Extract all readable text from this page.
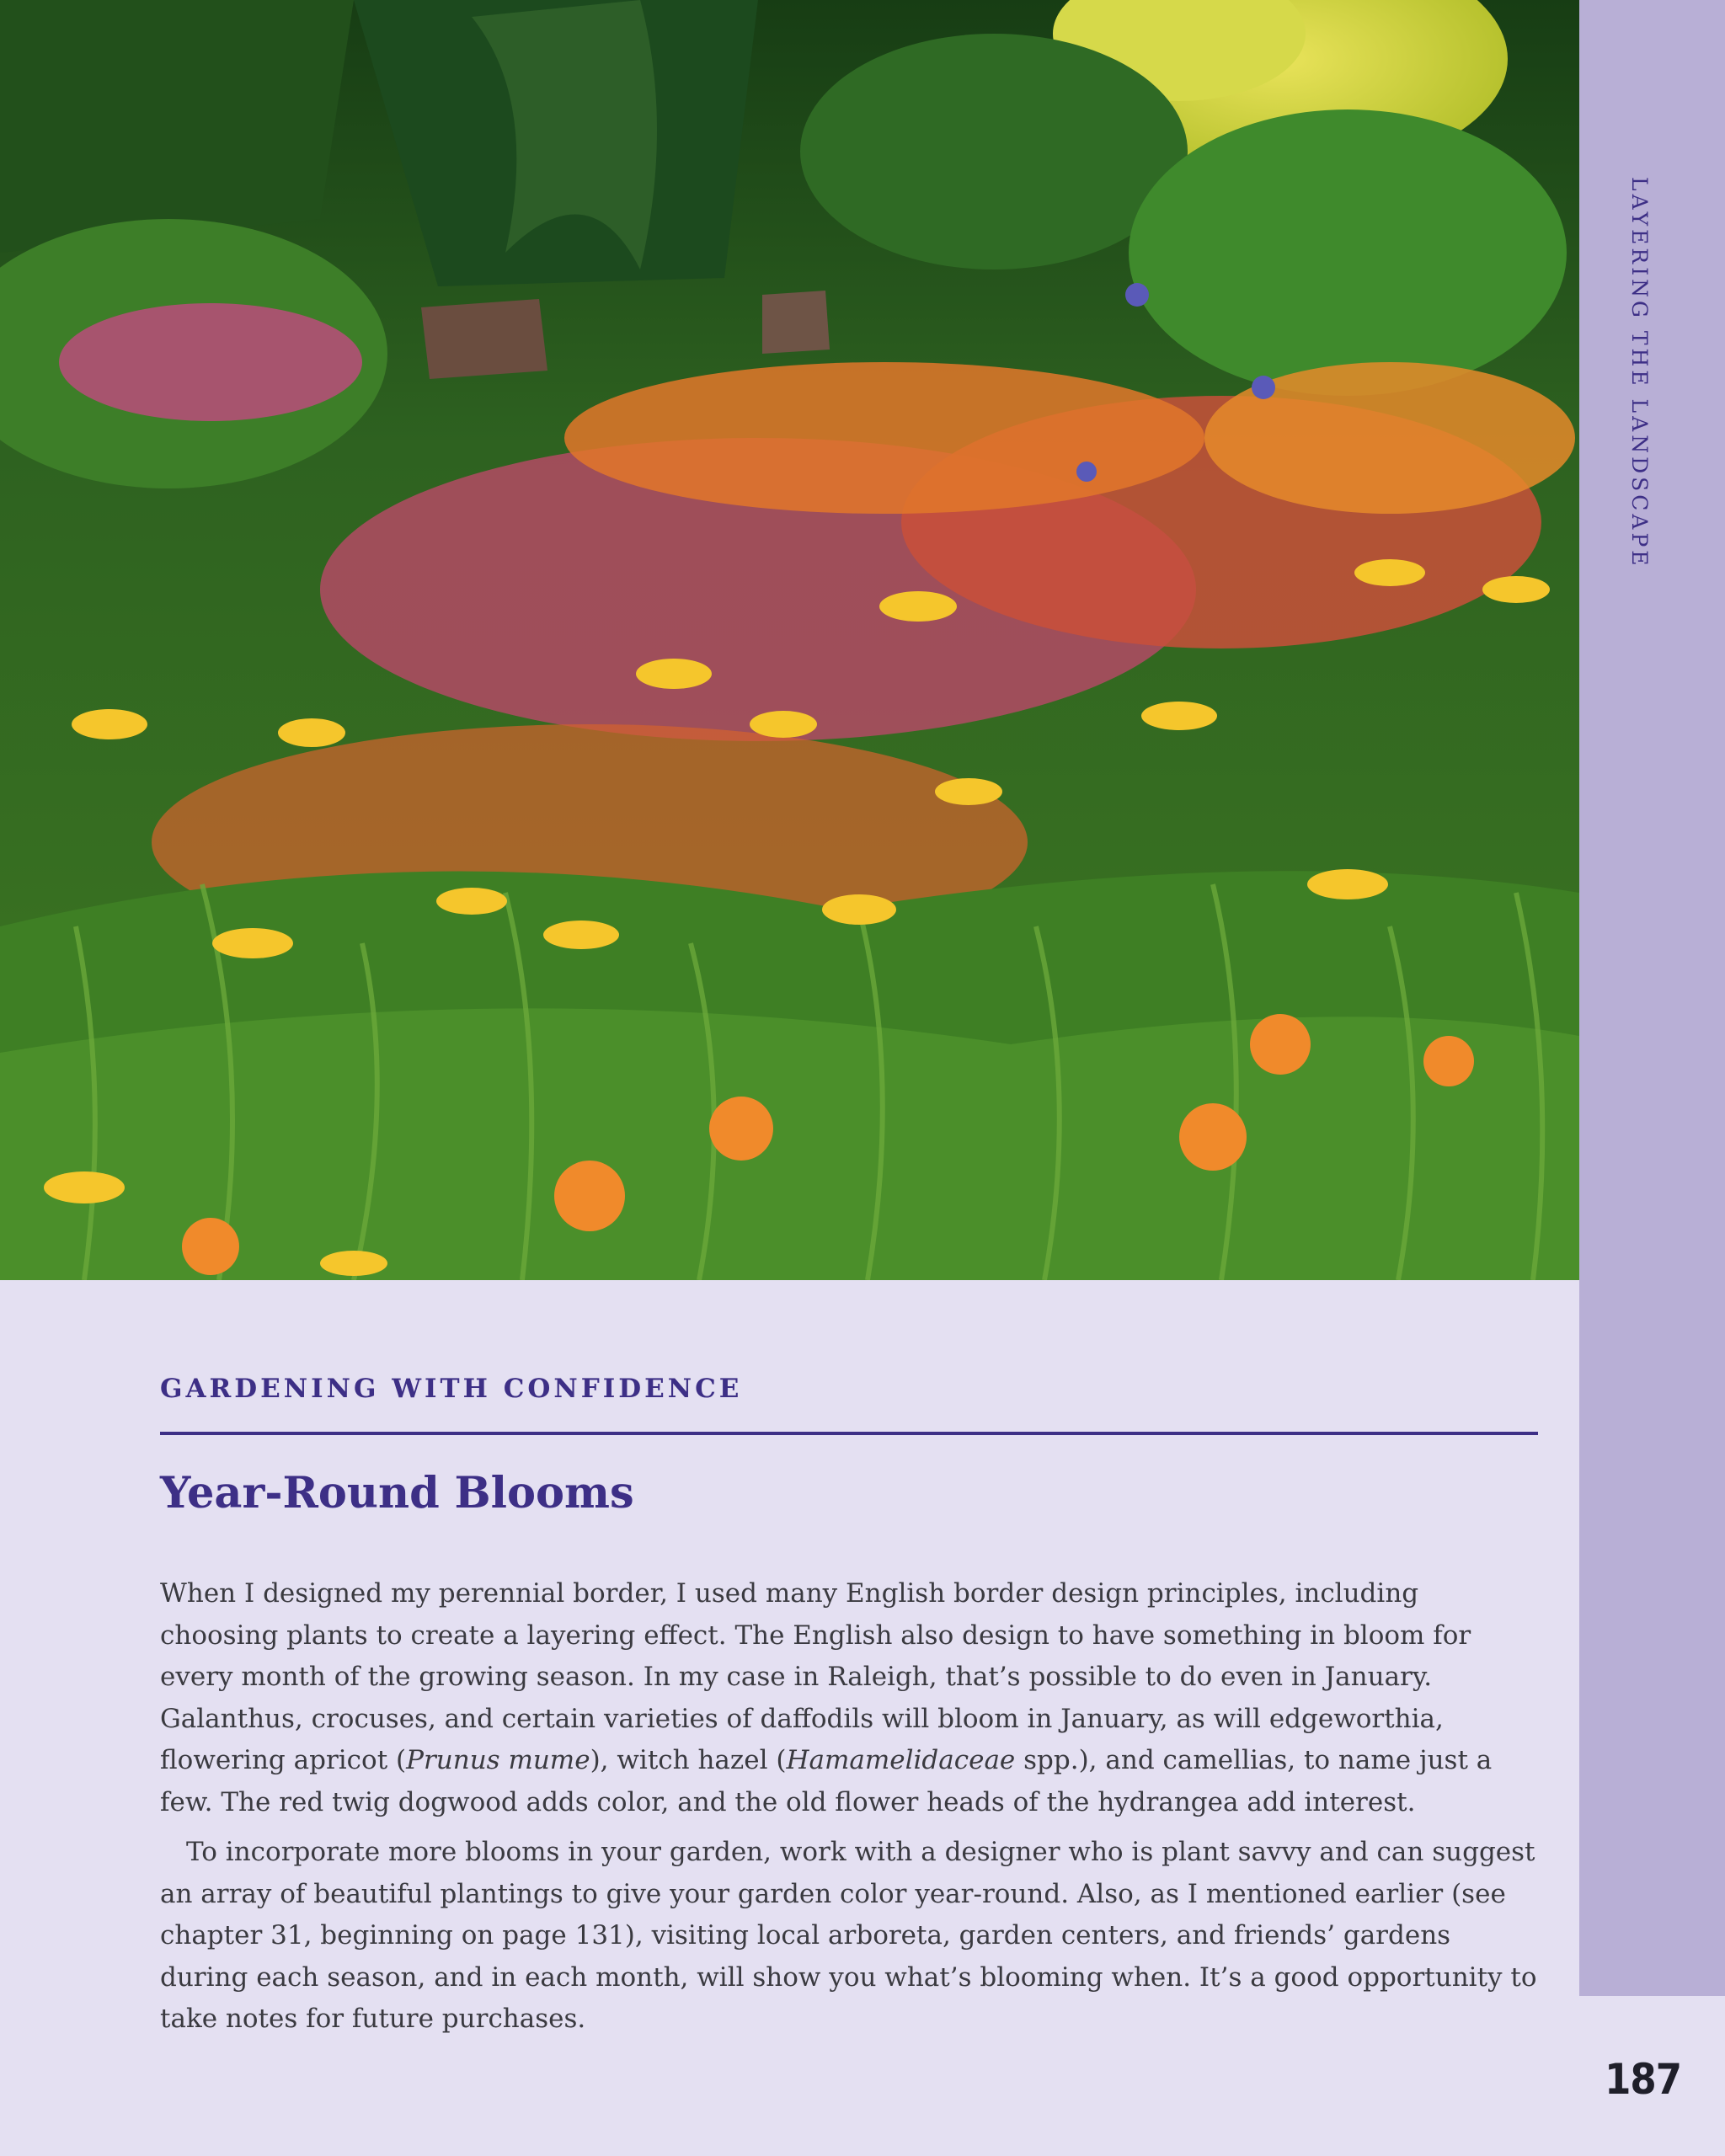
LAYERING THE LANDSCAPE
187
GARDENING WITH CONFIDENCE
Year-Round Blooms

When I designed my perennial border, I used many English border design principles, including choosing plants to create a layering effect. The English also design to have something in bloom for every month of the growing season. In my case in Raleigh, that’s possible to do even in January. Galanthus, crocuses, and certain varieties of daffodils will bloom in January, as will edgeworthia, flowering apricot (Prunus mume), witch hazel (Hamamelidaceae spp.), and camellias, to name just a few. The red twig dogwood adds color, and the old flower heads of the hydrangea add interest.

To incorporate more blooms in your garden, work with a designer who is plant savvy and can suggest an array of beautiful plantings to give your garden color year-round. Also, as I mentioned earlier (see chapter 31, beginning on page 131), visiting local arboreta, garden centers, and friends’ gardens during each season, and in each month, will show you what’s blooming when. It’s a good opportunity to take notes for future purchases.
